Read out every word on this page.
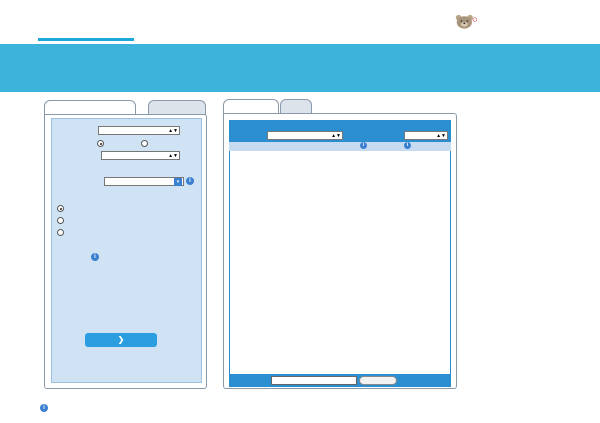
▲▼
▲▼
▾	i

i
❯
▲▼	▲▼
i	i
i
